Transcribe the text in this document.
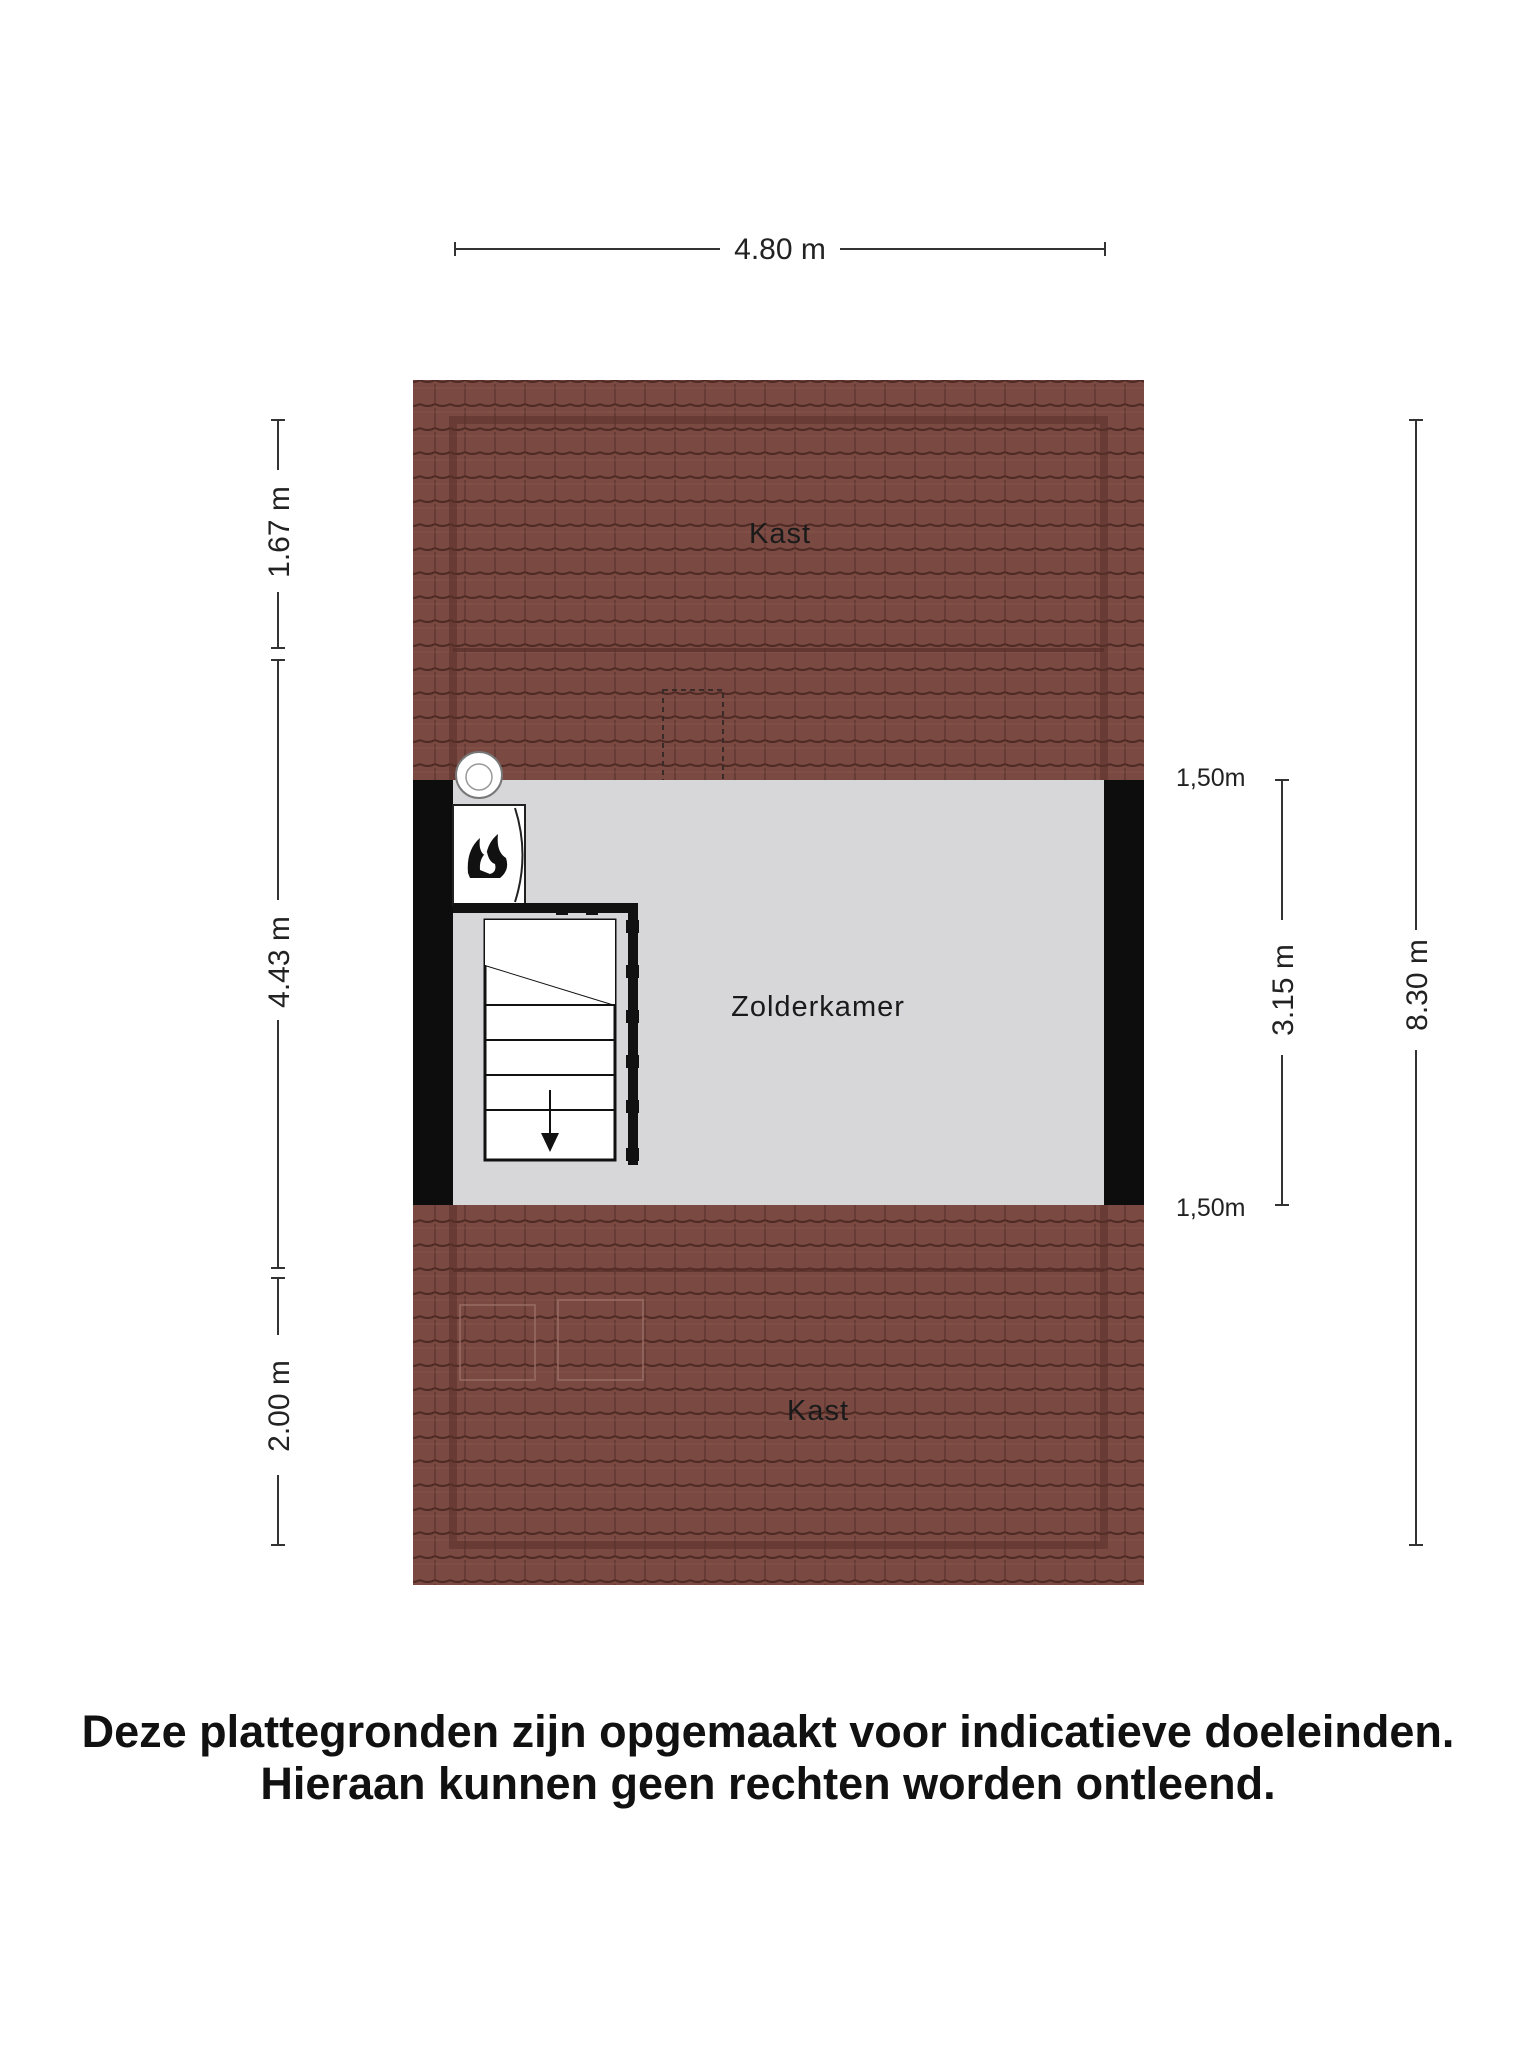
Kast
Zolderkamer
Kast
4.80 m
1.67 m
4.43 m
2.00 m
3.15 m
1,50m
1,50m
8.30 m
Deze plattegronden zijn opgemaakt voor indicatieve doeleinden.
Hieraan kunnen geen rechten worden ontleend.
